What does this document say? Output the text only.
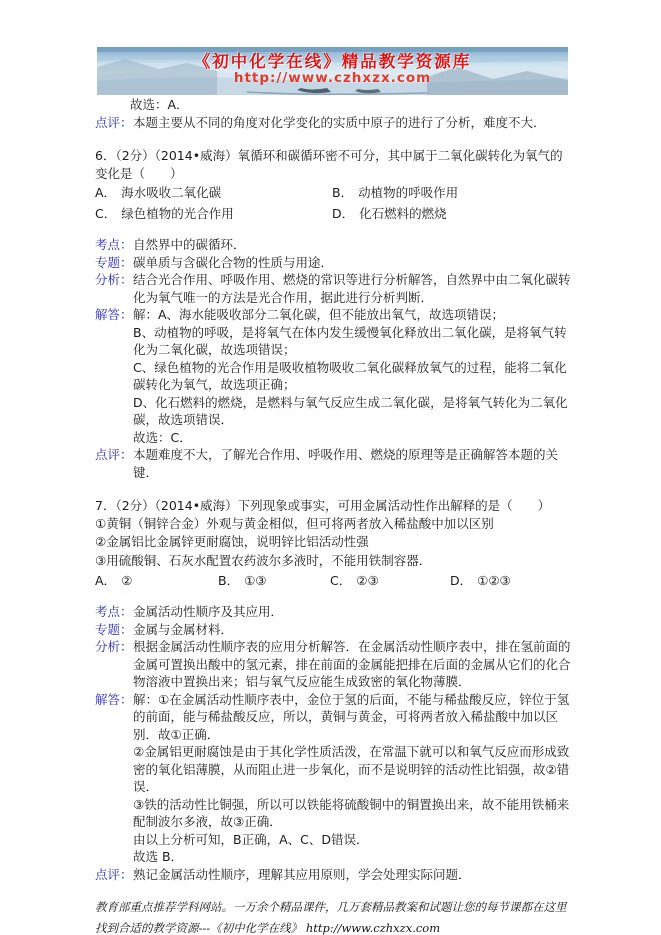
《初中化学在线》精品教学资源库
http://www.czhxzx.com
故选：A．
点评： 本题主要从不同的角度对化学变化的实质中原子的进行了分析，难度不大．
6．（2分）（2014•威海）氧循环和碳循环密不可分，其中属于二氧化碳转化为氧气的变化是（　　）
A． 海水吸收二氧化碳	B． 动植物的呼吸作用
C． 绿色植物的光合作用	D． 化石燃料的燃烧
考点： 自然界中的碳循环．
专题： 碳单质与含碳化合物的性质与用途．
分析： 结合光合作用、呼吸作用、燃烧的常识等进行分析解答，自然界中由二氧化碳转化为氧气唯一的方法是光合作用，据此进行分析判断．
解答： 解：A、海水能吸收部分二氧化碳，但不能放出氧气，故选项错误；

B、动植物的呼吸，是将氧气在体内发生缓慢氧化释放出二氧化碳，是将氧气转化为二氧化碳，故选项错误；

C、绿色植物的光合作用是吸收植物吸收二氧化碳释放氧气的过程，能将二氧化碳转化为氧气，故选项正确；

D、化石燃料的燃烧，是燃料与氧气反应生成二氧化碳，是将氧气转化为二氧化碳，故选项错误．

故选：C．

点评： 本题难度不大，了解光合作用、呼吸作用、燃烧的原理等是正确解答本题的关键．
7．（2分）（2014•威海）下列现象或事实，可用金属活动性作出解释的是（　　）

①黄铜（铜锌合金）外观与黄金相似，但可将两者放入稀盐酸中加以区别

②金属铝比金属锌更耐腐蚀，说明锌比铝活动性强

③用硫酸铜、石灰水配置农药波尔多液时，不能用铁制容器．

A． ②	B． ①③	C． ②③	D． ①②③
考点： 金属活动性顺序及其应用．
专题： 金属与金属材料．
分析： 根据金属活动性顺序表的应用分析解答．在金属活动性顺序表中，排在氢前面的金属可置换出酸中的氢元素，排在前面的金属能把排在后面的金属从它们的化合物溶液中置换出来；铝与氧气反应能生成致密的氧化物薄膜．
解答： 解：①在金属活动性顺序表中，金位于氢的后面，不能与稀盐酸反应，锌位于氢的前面，能与稀盐酸反应，所以，黄铜与黄金，可将两者放入稀盐酸中加以区别．故①正确．

②金属铝更耐腐蚀是由于其化学性质活泼，在常温下就可以和氧气反应而形成致密的氧化铝薄膜，从而阻止进一步氧化，而不是说明锌的活动性比铝强，故②错误．

③铁的活动性比铜强，所以可以铁能将硫酸铜中的铜置换出来，故不能用铁桶来配制波尔多液，故③正确．

由以上分析可知，B正确，A、C、D错误．

故选 B．

点评： 熟记金属活动性顺序，理解其应用原则，学会处理实际问题．
教育部重点推荐学科网站。一万余个精品课件，几万套精品教案和试题让您的每节课都在这里找到合适的教学资源---《初中化学在线》 http://www.czhxzx.com
